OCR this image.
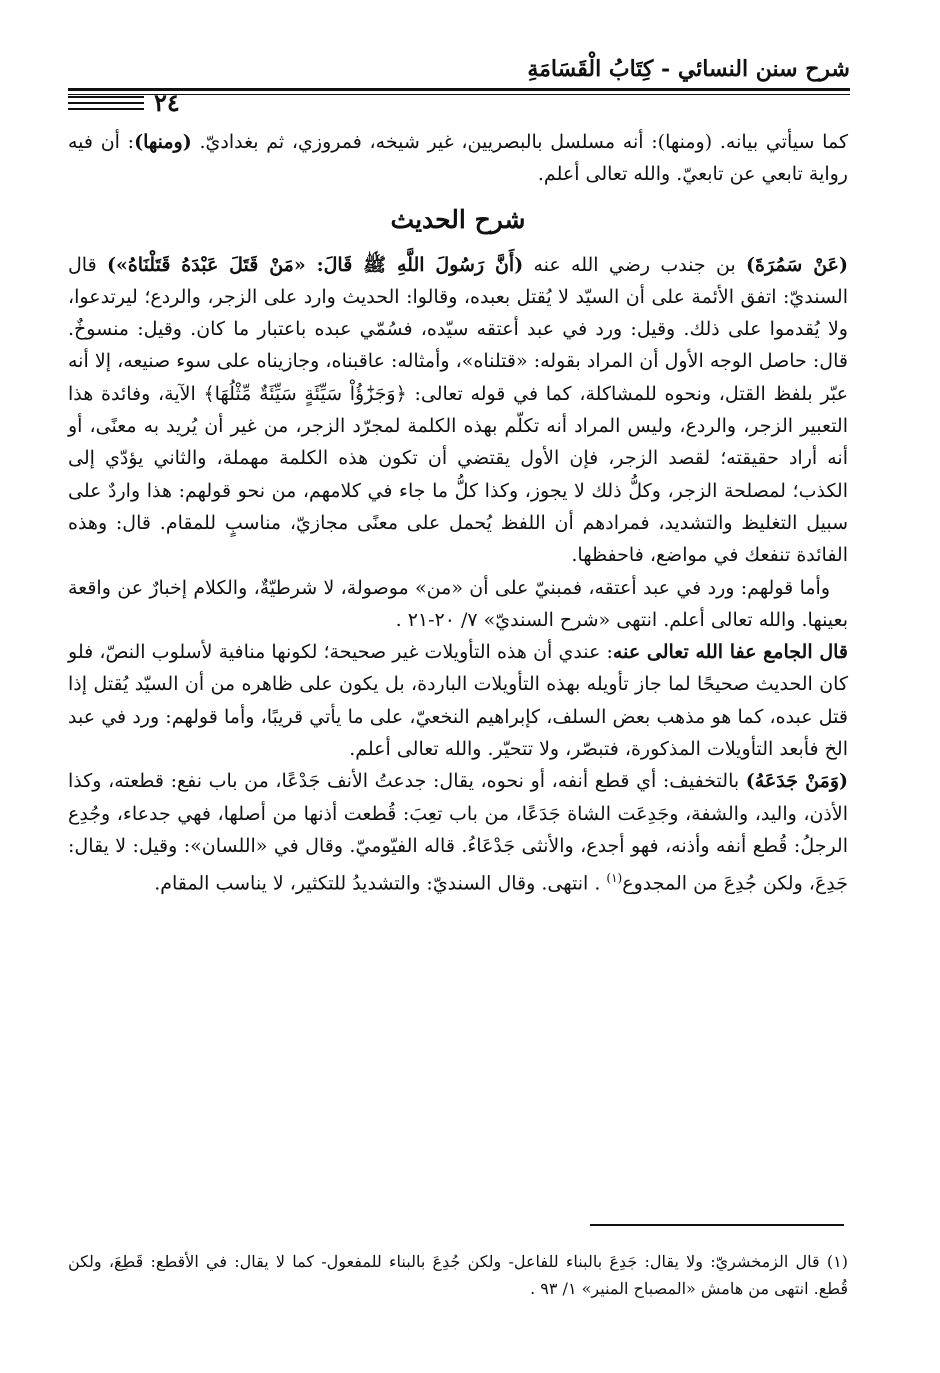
شرح سنن النسائي - كِتَابُ الْقَسَامَةِ
٢٤

كما سيأتي بيانه. (ومنها): أنه مسلسل بالبصريين، غير شيخه، فمروزي، ثم بغداديّ. (ومنها): أن فيه رواية تابعي عن تابعيّ. والله تعالى أعلم.

شرح الحديث

(عَنْ سَمُرَةَ) بن جندب رضي الله عنه (أَنَّ رَسُولَ اللَّهِ ﷺ قَالَ: «مَنْ قَتَلَ عَبْدَهُ قَتَلْنَاهُ») قال السنديّ: اتفق الأئمة على أن السيّد لا يُقتل بعبده، وقالوا: الحديث وارد على الزجر، والردع؛ ليرتدعوا، ولا يُقدموا على ذلك. وقيل: ورد في عبد أعتقه سيّده، فسُمّي عبده باعتبار ما كان. وقيل: منسوخٌ. قال: حاصل الوجه الأول أن المراد بقوله: «قتلناه»، وأمثاله: عاقبناه، وجازيناه على سوء صنيعه، إلا أنه عبّر بلفظ القتل، ونحوه للمشاكلة، كما في قوله تعالى: ﴿وَجَزَٰٓؤُاْ سَيِّئَةٍ سَيِّئَةٌ مِّثْلُهَا﴾ الآية، وفائدة هذا التعبير الزجر، والردع، وليس المراد أنه تكلّم بهذه الكلمة لمجرّد الزجر، من غير أن يُريد به معنًى، أو أنه أراد حقيقته؛ لقصد الزجر، فإن الأول يقتضي أن تكون هذه الكلمة مهملة، والثاني يؤدّي إلى الكذب؛ لمصلحة الزجر، وكلُّ ذلك لا يجوز، وكذا كلُّ ما جاء في كلامهم، من نحو قولهم: هذا واردٌ على سبيل التغليظ والتشديد، فمرادهم أن اللفظ يُحمل على معنًى مجازيّ، مناسبٍ للمقام. قال: وهذه الفائدة تنفعك في مواضع، فاحفظها.

وأما قولهم: ورد في عبد أعتقه، فمبنيّ على أن «من» موصولة، لا شرطيّةٌ، والكلام إخبارٌ عن واقعة بعينها. والله تعالى أعلم. انتهى «شرح السنديّ» ٧/ ٢٠-٢١ .

قال الجامع عفا الله تعالى عنه: عندي أن هذه التأويلات غير صحيحة؛ لكونها منافية لأسلوب النصّ، فلو كان الحديث صحيحًا لما جاز تأويله بهذه التأويلات الباردة، بل يكون على ظاهره من أن السيّد يُقتل إذا قتل عبده، كما هو مذهب بعض السلف، كإبراهيم النخعيّ، على ما يأتي قريبًا، وأما قولهم: ورد في عبد الخ فأبعد التأويلات المذكورة، فتبصّر، ولا تتحيّر. والله تعالى أعلم.

(وَمَنْ جَدَعَهُ) بالتخفيف: أي قطع أنفه، أو نحوه، يقال: جدعتُ الأنف جَدْعًا، من باب نفع: قطعته، وكذا الأذن، واليد، والشفة، وجَدِعَت الشاة جَدَعًا، من باب تعِبَ: قُطعت أذنها من أصلها، فهي جدعاء، وجُدِع الرجلُ: قُطع أنفه وأذنه، فهو أجدع، والأنثى جَدْعَاءُ. قاله الفيّوميّ. وقال في «اللسان»: وقيل: لا يقال: جَدِعَ، ولكن جُدِعَ من المجدوع$^{(١)}$ . انتهى. وقال السنديّ: والتشديدُ للتكثير، لا يناسب المقام.

(١) قال الزمخشريّ: ولا يقال: جَدِعَ بالبناء للفاعل- ولكن جُدِعَ بالبناء للمفعول- كما لا يقال: في الأقطع: قَطِعَ، ولكن قُطع. انتهى من هامش «المصباح المنير» ١/ ٩٣ .
